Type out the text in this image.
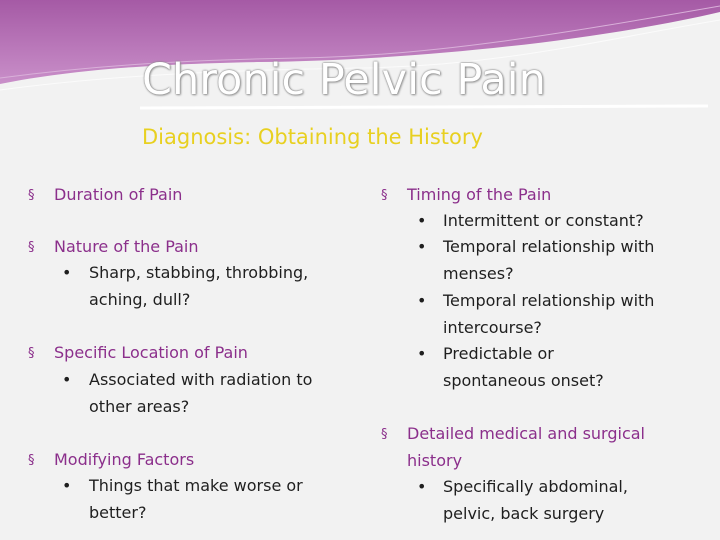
Chronic Pelvic Pain
Diagnosis: Obtaining the History
§ Duration of Pain
§ Nature of the Pain
• Sharp, stabbing, throbbing, aching, dull?
§ Specific Location of Pain
• Associated with radiation to other areas?
§ Modifying Factors
• Things that make worse or better?
§ Timing of the Pain
• Intermittent or constant?
• Temporal relationship with menses?
• Temporal relationship with intercourse?
• Predictable or spontaneous onset?
§ Detailed medical and surgical history
• Specifically abdominal, pelvic, back surgery
